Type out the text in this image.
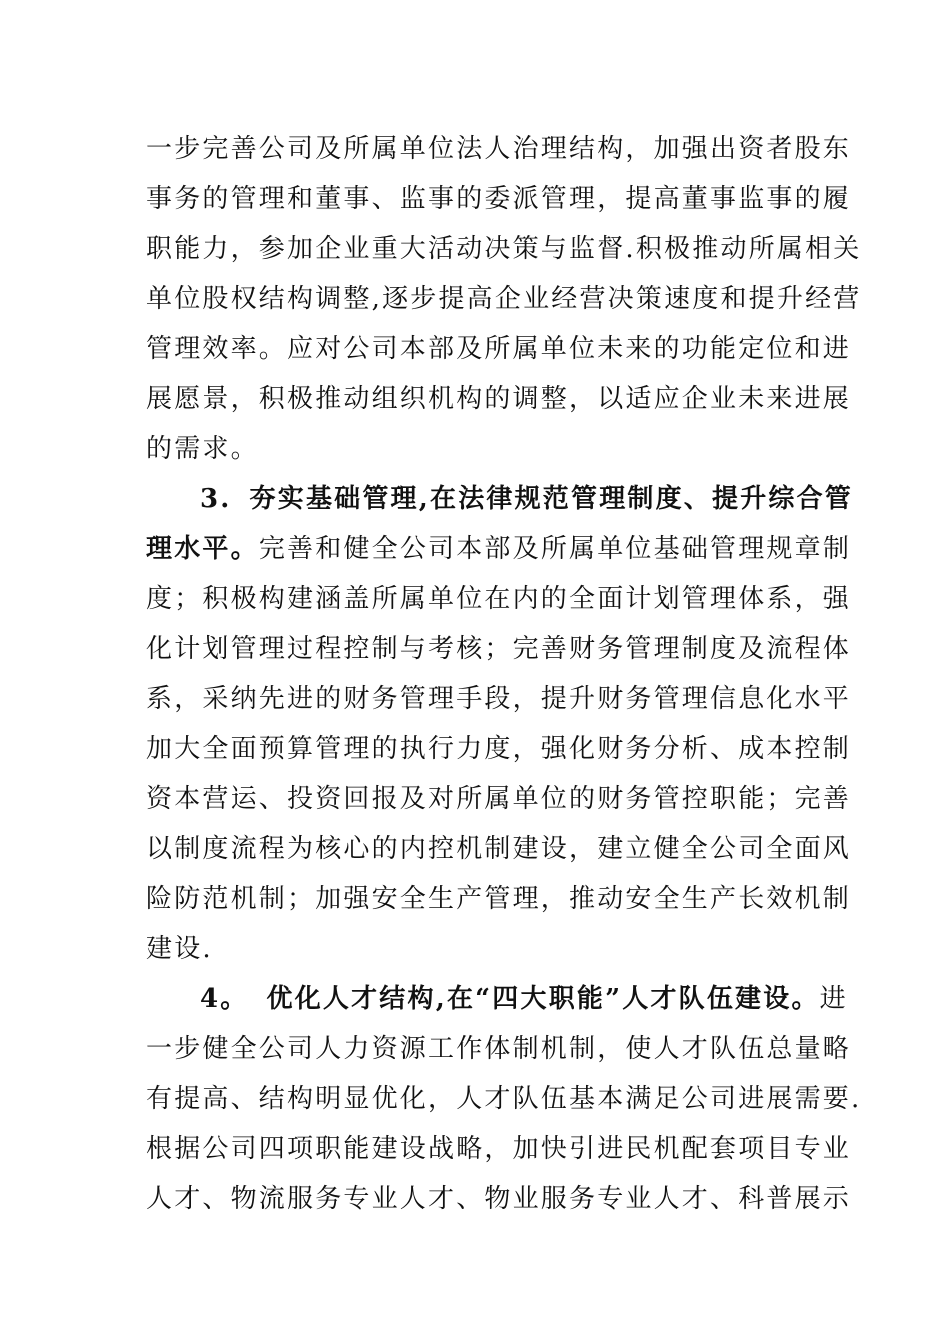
一步完善公司及所属单位法人治理结构，加强出资者股东
事务的管理和董事、监事的委派管理，提高董事监事的履
职能力，参加企业重大活动决策与监督.积极推动所属相关
单位股权结构调整,逐步提高企业经营决策速度和提升经营
管理效率。应对公司本部及所属单位未来的功能定位和进
展愿景，积极推动组织机构的调整，以适应企业未来进展
的需求。
3. 夯实基础管理,在法律规范管理制度、提升综合管
理水平。完善和健全公司本部及所属单位基础管理规章制
度；积极构建涵盖所属单位在内的全面计划管理体系，强
化计划管理过程控制与考核；完善财务管理制度及流程体
系，采纳先进的财务管理手段，提升财务管理信息化水平
加大全面预算管理的执行力度，强化财务分析、成本控制
资本营运、投资回报及对所属单位的财务管控职能；完善
以制度流程为核心的内控机制建设，建立健全公司全面风
险防范机制；加强安全生产管理，推动安全生产长效机制
建设.
4。 优化人才结构,在“四大职能”人才队伍建设。进
一步健全公司人力资源工作体制机制，使人才队伍总量略
有提高、结构明显优化，人才队伍基本满足公司进展需要.
根据公司四项职能建设战略，加快引进民机配套项目专业
人才、物流服务专业人才、物业服务专业人才、科普展示
